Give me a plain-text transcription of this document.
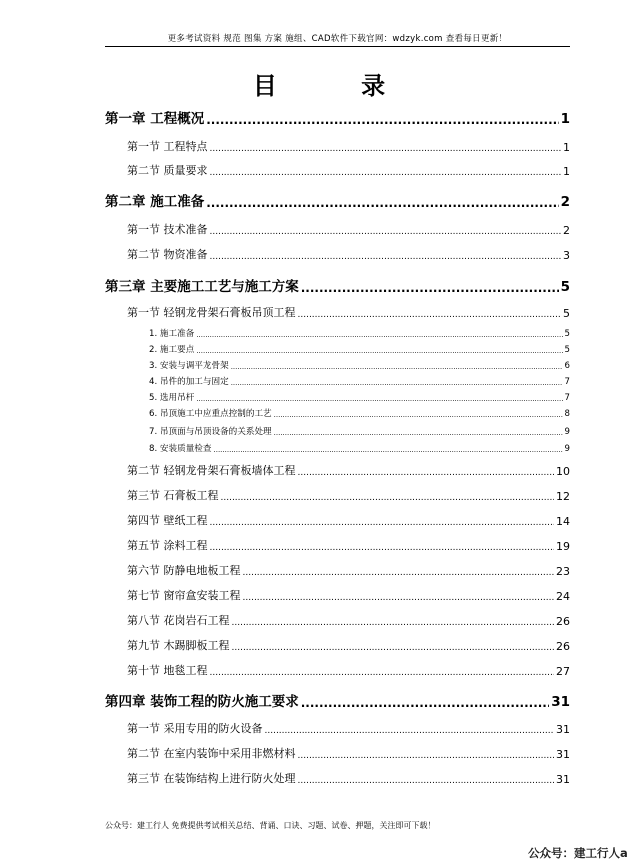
更多考试资料 规范 图集 方案 施组、CAD软件下载官网：wdzyk.com 查看每日更新！
目 录
第一章 工程概况 .....	1
第一节 工程特点 .....	1
第二节 质量要求 .....	1
第二章 施工准备 .....	2
第一节 技术准备 .....	2
第二节 物资准备 .....	3
第三章 主要施工工艺与施工方案 .....	5
第一节 轻钢龙骨架石膏板吊顶工程 .....	5
1. 施工准备 .....	5
2. 施工要点 .....	5
3. 安装与调平龙骨架 .....	6
4. 吊件的加工与固定 .....	7
5. 选用吊杆 .....	7
6. 吊顶施工中应重点控制的工艺 .....	8
7. 吊顶面与吊顶设备的关系处理 .....	9
8. 安装质量检查 .....	9
第二节 轻钢龙骨架石膏板墙体工程 .....	10
第三节 石膏板工程 .....	12
第四节 壁纸工程 .....	14
第五节 涂料工程 .....	19
第六节 防静电地板工程 .....	23
第七节 窗帘盒安装工程 .....	24
第八节 花岗岩石工程 .....	26
第九节 木踢脚板工程 .....	26
第十节 地毯工程 .....	27
第四章 装饰工程的防火施工要求 .....	31
第一节 采用专用的防火设备 .....	31
第二节 在室内装饰中采用非燃材料 .....	31
第三节 在装饰结构上进行防火处理 .....	31
公众号：建工行人 免费提供考试相关总结、背诵、口诀、习题、试卷、押题，关注即可下载！
公众号：建工行人a
